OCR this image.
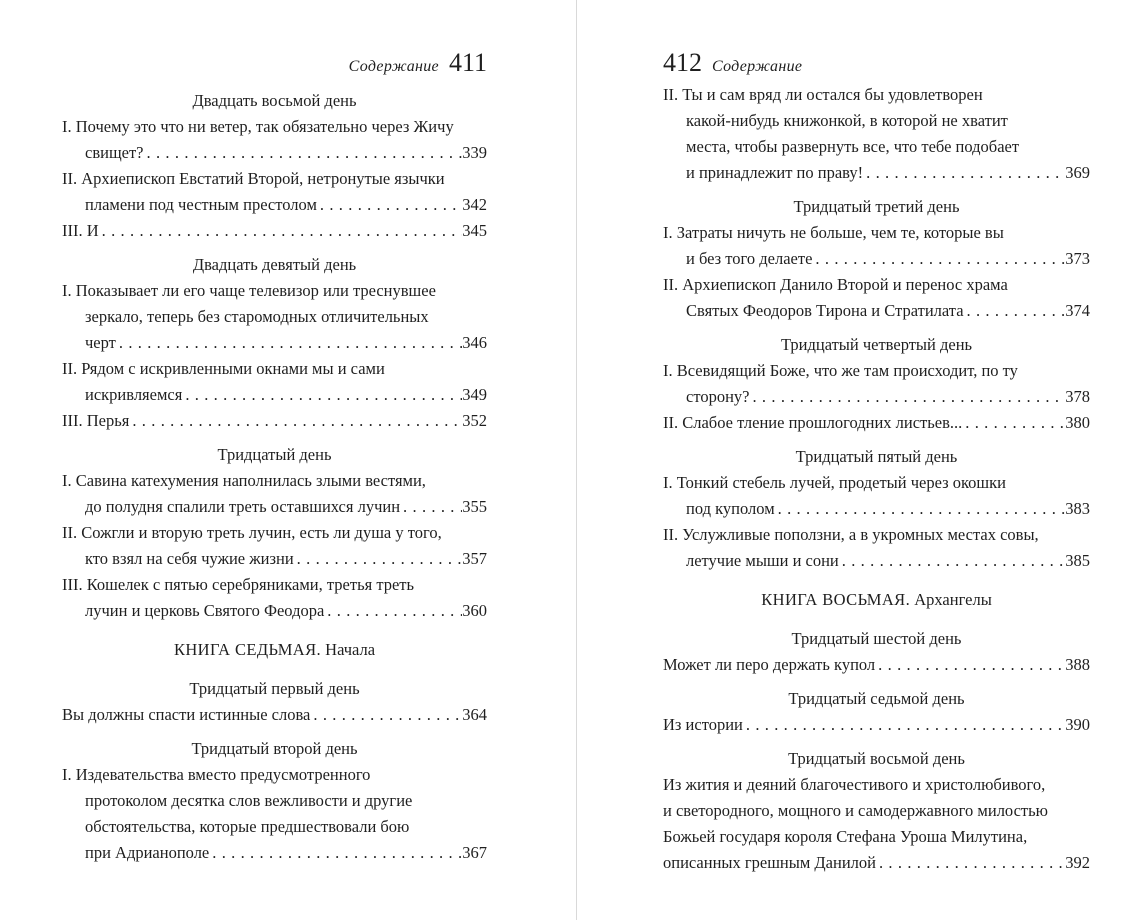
Содержание 411
Двадцать восьмой день
I. Почему это что ни ветер, так обязательно через Жичу
свищет? . . .	339
II. Архиепископ Евстатий Второй, нетронутые язычки
пламени под честным престолом . . .	342
III. И . . .	345
Двадцать девятый день
I. Показывает ли его чаще телевизор или треснувшее
зеркало, теперь без старомодных отличительных
черт . . .	346
II. Рядом с искривленными окнами мы и сами
искривляемся . . .	349
III. Перья . . .	352
Тридцатый день
I. Савина катехумения наполнилась злыми вестями,
до полудня спалили треть оставшихся лучин . . .	355
II. Сожгли и вторую треть лучин, есть ли душа у того,
кто взял на себя чужие жизни . . .	357
III. Кошелек с пятью серебряниками, третья треть
лучин и церковь Святого Феодора . . .	360
КНИГА СЕДЬМАЯ. Начала
Тридцатый первый день
Вы должны спасти истинные слова . . .	364
Тридцатый второй день
I. Издевательства вместо предусмотренного
протоколом десятка слов вежливости и другие
обстоятельства, которые предшествовали бою
при Адрианополе . . .	367
412 Содержание
II. Ты и сам вряд ли остался бы удовлетворен
какой-нибудь книжонкой, в которой не хватит
места, чтобы развернуть все, что тебе подобает
и принадлежит по праву! . . .	369
Тридцатый третий день
I. Затраты ничуть не больше, чем те, которые вы
и без того делаете . . .	373
II. Архиепископ Данило Второй и перенос храма
Святых Феодоров Тирона и Стратилата . . .	374
Тридцатый четвертый день
I. Всевидящий Боже, что же там происходит, по ту
сторону? . . .	378
II. Слабое тление прошлогодних листьев... . . .	380
Тридцатый пятый день
I. Тонкий стебель лучей, продетый через окошки
под куполом . . .	383
II. Услужливые поползни, а в укромных местах совы,
летучие мыши и сони . . .	385
КНИГА ВОСЬМАЯ. Архангелы
Тридцатый шестой день
Может ли перо держать купол . . .	388
Тридцатый седьмой день
Из истории . . .	390
Тридцатый восьмой день
Из жития и деяний благочестивого и христолюбивого,
и светородного, мощного и самодержавного милостью
Божьей государя короля Стефана Уроша Милутина,
описанных грешным Данилой . . .	392
